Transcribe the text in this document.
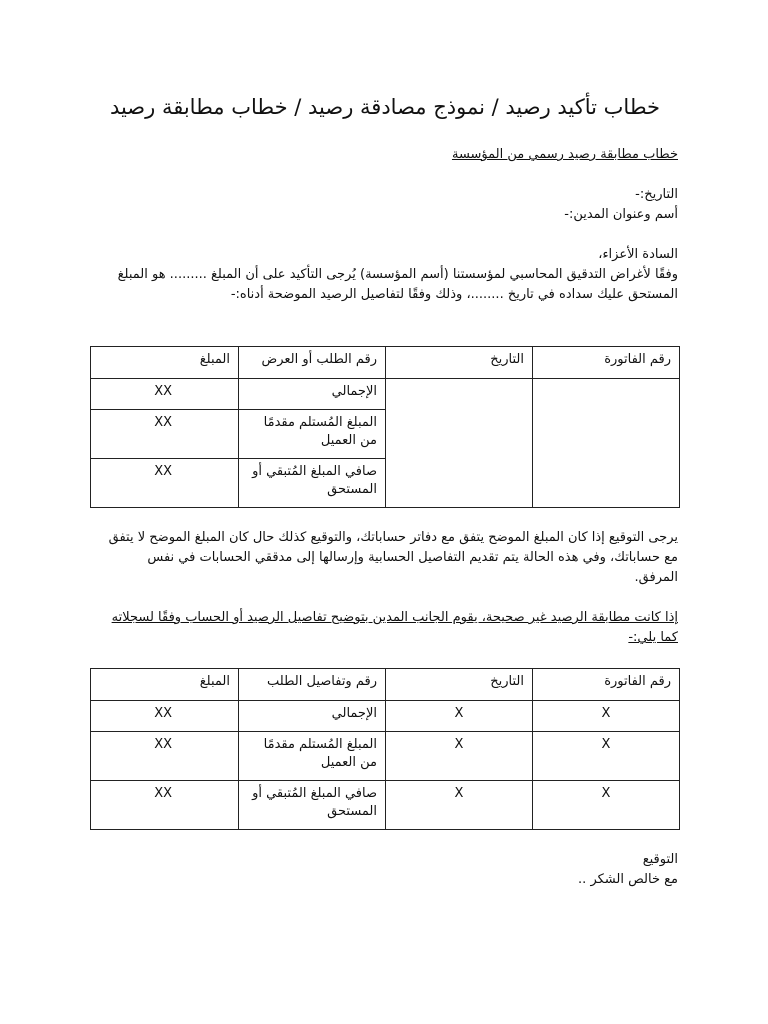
خطاب تأكيد رصيد / نموذج مصادقة رصيد / خطاب مطابقة رصيد
خطاب مطابقة رصيد رسمي من المؤسسة
التاريخ:-
أسم وعنوان المدين:-
السادة الأعزاء،
وفقًا لأغراض التدقيق المحاسبي لمؤسستنا (أسم المؤسسة) يُرجى التأكيد على أن المبلغ ......... هو المبلغ
المستحق عليك سداده في تاريخ ........، وذلك وفقًا لتفاصيل الرصيد الموضحة أدناه:-
رقم الفاتورة	التاريخ	رقم الطلب أو العرض	المبلغ
		الإجمالي	XX
		المبلغ المُستلم مقدمًا من العميل	XX
		صافي المبلغ المُتبقي أو المستحق	XX
يرجى التوقيع إذا كان المبلغ الموضح يتفق مع دفاتر حساباتك، والتوقيع كذلك حال كان المبلغ الموضح لا يتفق
مع حساباتك، وفي هذه الحالة يتم تقديم التفاصيل الحسابية وإرسالها إلى مدققي الحسابات في نفس
المرفق.
إذا كانت مطابقة الرصيد غير صحيحة، يقوم الجانب المدين بتوضيح تفاصيل الرصيد أو الحساب وفقًا لسجلاته
كما يلي:-
رقم الفاتورة	التاريخ	رقم وتفاصيل الطلب	المبلغ
X	X	الإجمالي	XX
X	X	المبلغ المُستلم مقدمًا من العميل	XX
X	X	صافي المبلغ المُتبقي أو المستحق	XX
التوقيع
مع خالص الشكر ..
